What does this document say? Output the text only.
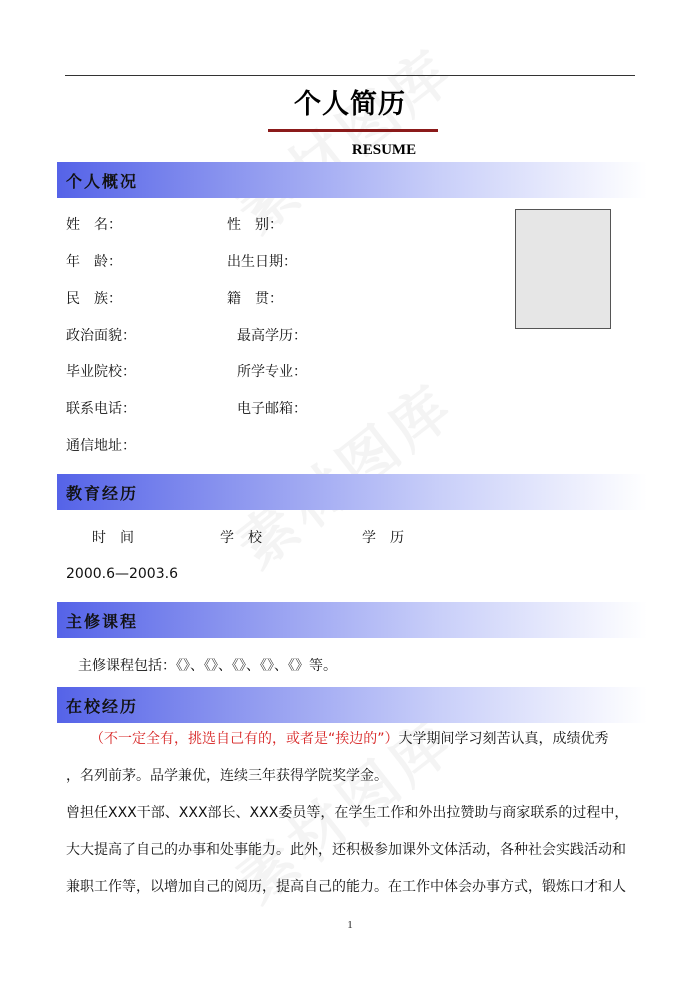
个人简历
RESUME
个人概况
姓　名：	性　别：
年　龄：	出生日期：
民　族：	籍　贯：
政治面貌：	最高学历：
毕业院校：	所学专业：
联系电话：	电子邮箱：
通信地址：
教育经历
时　间	学　校	学　历
2000.6—2003.6
主修课程
主修课程包括：《》、《》、《》、《》、《》等。
在校经历
（不一定全有，挑选自己有的，或者是“挨边的”）大学期间学习刻苦认真，成绩优秀
，名列前茅。品学兼优，连续三年获得学院奖学金。
曾担任XXX干部、XXX部长、XXX委员等，在学生工作和外出拉赞助与商家联系的过程中，
大大提高了自己的办事和处事能力。此外，还积极参加课外文体活动，各种社会实践活动和
兼职工作等，以增加自己的阅历，提高自己的能力。在工作中体会办事方式，锻炼口才和人
1
